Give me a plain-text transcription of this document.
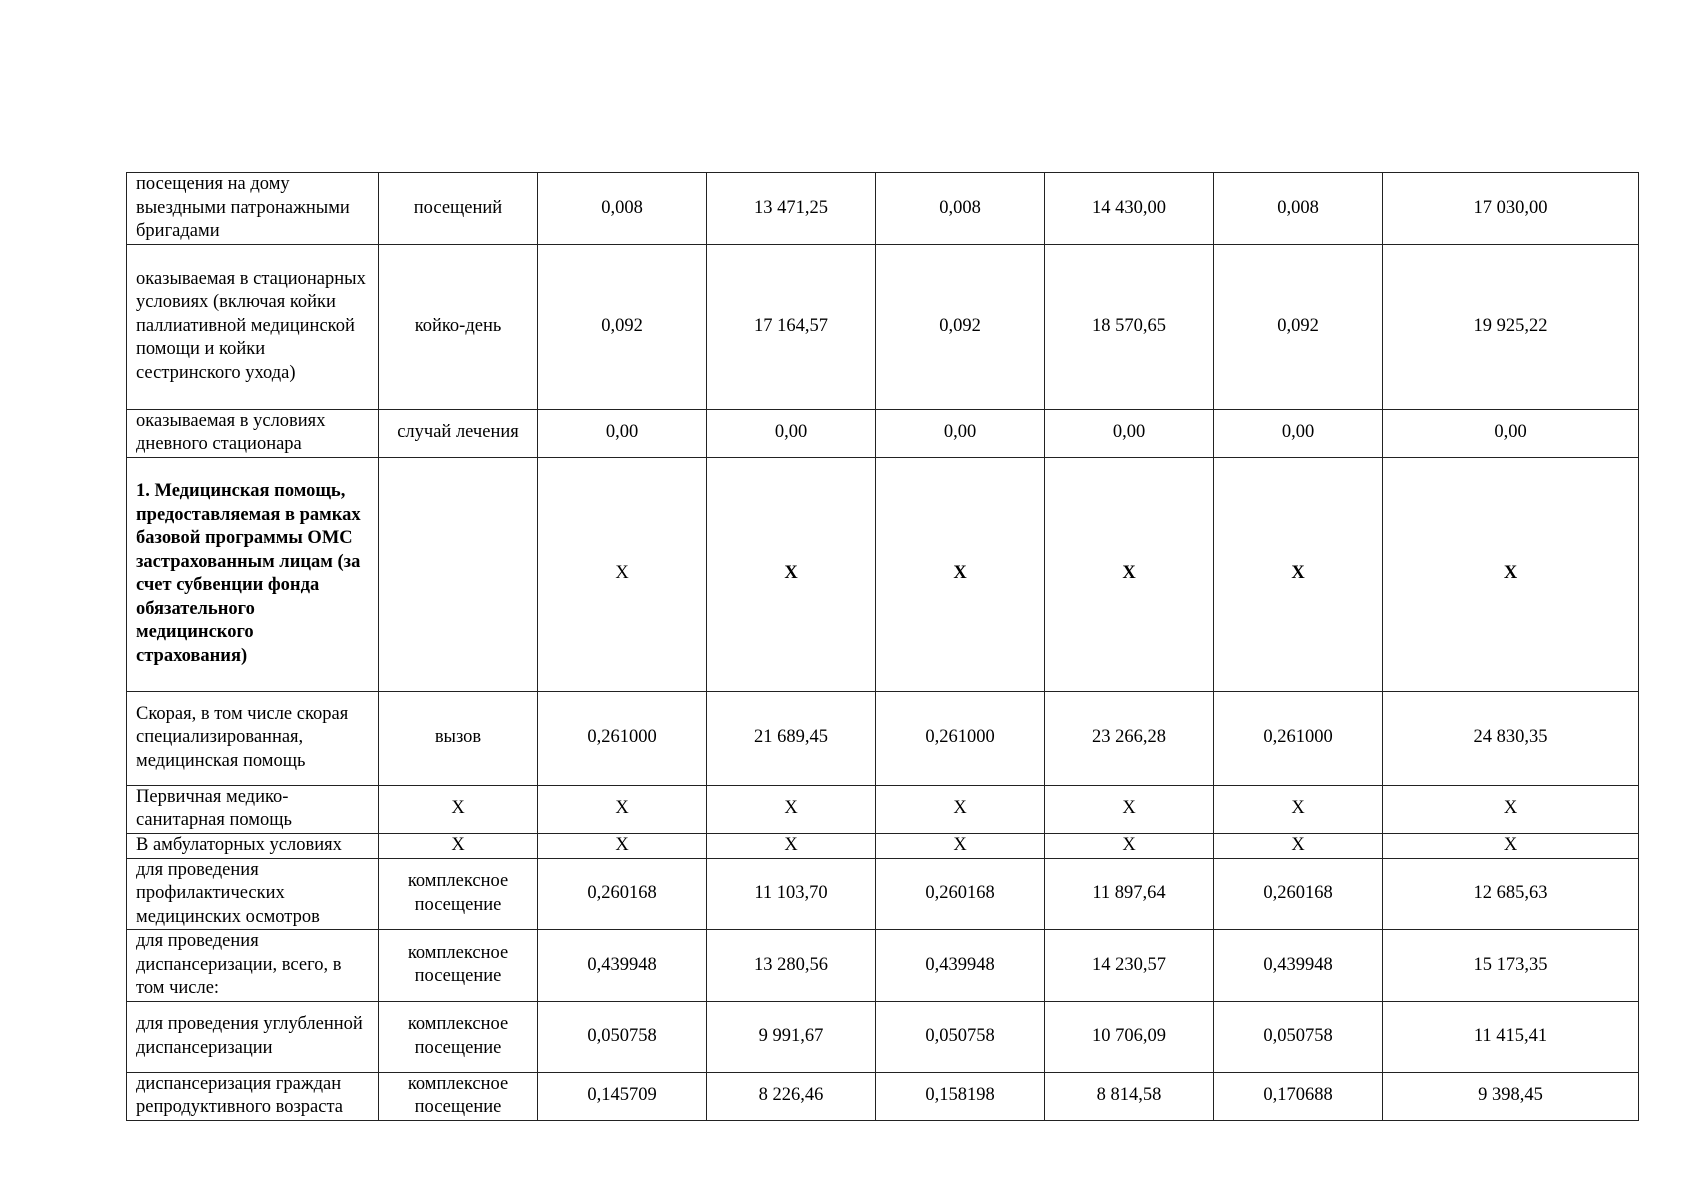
посещения на дому выездными патронажными бригадами	посещений	0,008	13 471,25	0,008	14 430,00	0,008	17 030,00
оказываемая в стационарных условиях (включая койки паллиативной медицинской помощи и койки сестринского ухода)	койко-день	0,092	17 164,57	0,092	18 570,65	0,092	19 925,22
оказываемая в условиях дневного стационара	случай лечения	0,00	0,00	0,00	0,00	0,00	0,00
1. Медицинская помощь, предоставляемая в рамках базовой программы ОМС застрахованным лицам (за счет субвенции фонда обязательного медицинского страхования)		Х	Х	Х	Х	Х	Х
Скорая, в том числе скорая специализированная, медицинская помощь	вызов	0,261000	21 689,45	0,261000	23 266,28	0,261000	24 830,35
Первичная медико-санитарная помощь	Х	Х	Х	Х	Х	Х	Х
В амбулаторных условиях	Х	Х	Х	Х	Х	Х	Х
для проведения профилактических медицинских осмотров	комплексное посещение	0,260168	11 103,70	0,260168	11 897,64	0,260168	12 685,63
для проведения диспансеризации, всего, в том числе:	комплексное посещение	0,439948	13 280,56	0,439948	14 230,57	0,439948	15 173,35
для проведения углубленной диспансеризации	комплексное посещение	0,050758	9 991,67	0,050758	10 706,09	0,050758	11 415,41
диспансеризация граждан репродуктивного возраста	комплексное посещение	0,145709	8 226,46	0,158198	8 814,58	0,170688	9 398,45
